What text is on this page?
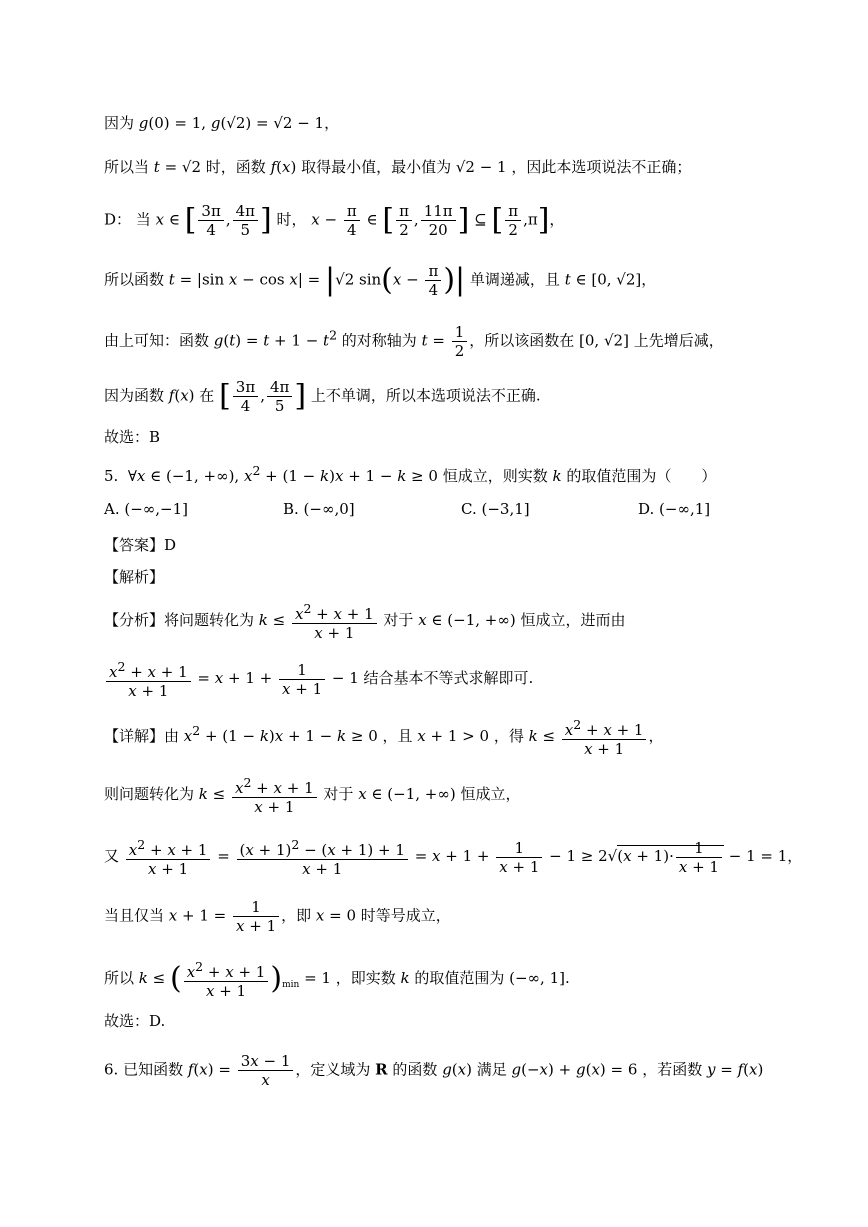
因为 g(0) = 1, g(√2) = √2 − 1，
所以当 t = √2 时，函数 f(x) 取得最小值，最小值为 √2 − 1 ，因此本选项说法不正确；
D： 当 x ∈ [ $\frac{3\pi}{4}$ , $\frac{4\pi}{5}$ ] 时， $x - \frac{\pi}{4}$ ∈ [ $\frac{\pi}{2}$ , $\frac{11\pi}{20}$ ] ⊆ [ $\frac{\pi}{2} ,\pi$]，
所以函数 t = |sin x − cos x| = |√2 $\sin(x - \frac{\pi}{4}$ )| 单调递减，且 t ∈ [0, √2]，
由上可知：函数 $g(t) = t + 1 - t^2$ 的对称轴为 $t = \frac{1}{2}$ ，所以该函数在 [0, √2] 上先增后减，
因为函数 f(x) 在 [ $\frac{3\pi}{4}$ , $\frac{4\pi}{5}$ ] 上不单调，所以本选项说法不正确.
故选：B
5.  ∀x ∈ (−1, +∞), $x^2 + (1 - k)x + 1 - k \ge 0$ 恒成立，则实数 k 的取值范围为（　　）
A. (−∞,−1]	B. (−∞,0]	C. (−3,1]	D. (−∞,1]
【答案】D
【解析】
【分析】将问题转化为 $k \le \frac{x^2 + x + 1}{x + 1}$ 对于 x ∈ (−1, +∞) 恒成立，进而由
$\frac{x^2 + x + 1}{x + 1} = x + 1 + \frac{1}{x + 1} - 1$ 结合基本不等式求解即可.
【详解】由 $x^2 + (1 - k)x + 1 - k \ge 0$ ，且 x + 1 > 0 ，得 $k \le \frac{x^2 + x + 1}{x + 1}$ ，
则问题转化为 $k \le \frac{x^2 + x + 1}{x + 1}$ 对于 x ∈ (−1, +∞) 恒成立，
又 $\frac{x^2 + x + 1}{x + 1} = \frac{(x + 1)^2 - (x + 1) + 1}{x + 1} = x + 1 + \frac{1}{x + 1} - 1 \ge 2√(x + 1)\cdot \frac{1}{x + 1} - 1 = 1$，
当且仅当 $x + 1 = \frac{1}{x + 1}$ ，即 x = 0 时等号成立，
所以 k ≤ ( $\frac{x^2 + x + 1}{x + 1} )_{min} = 1$ ，即实数 k 的取值范围为 (−∞, 1].
故选：D.
6. 已知函数 $f(x) = \frac{3x - 1}{x}$ ，定义域为 R 的函数 g(x) 满足 g(−x) + g(x) = 6 ，若函数 y = f(x)
